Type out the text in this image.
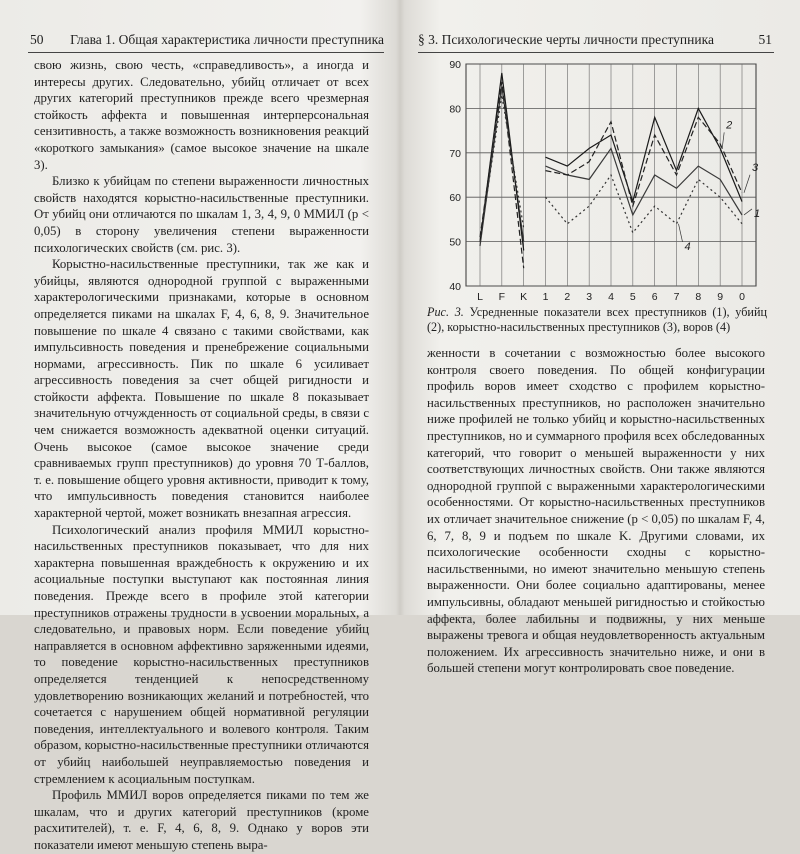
50 Глава 1. Общая характеристика личности преступника

свою жизнь, свою честь, «справедливость», а иногда и интересы других. Следовательно, убийц отличает от всех других категорий преступников прежде всего чрезмерная стойкость аффекта и повышенная интерперсональная сензитивность, а также возможность возникновения реакций «короткого замыкания» (самое высокое значение на шкале 3).

Близко к убийцам по степени выраженности личностных свойств находятся корыстно-насильственные преступники. От убийц они отличаются по шкалам 1, 3, 4, 9, 0 ММИЛ (p < 0,05) в сторону увеличения степени выраженности психологических свойств (см. рис. 3).

Корыстно-насильственные преступники, так же как и убийцы, являются однородной группой с выраженными характерологическими признаками, которые в основном определяется пиками на шкалах F, 4, 6, 8, 9. Значительное повышение по шкале 4 связано с такими свойствами, как импульсивность поведения и пренебрежение социальными нормами, агрессивность. Пик по шкале 6 усиливает агрессивность поведения за счет общей ригидности и стойкости аффекта. Повышение по шкале 8 показывает значительную отчужденность от социальной среды, в связи с чем снижается возможность адекватной оценки ситуаций. Очень высокое (самое высокое значение среди сравниваемых групп преступников) до уровня 70 Т-баллов, т. е. повышение общего уровня активности, приводит к тому, что импульсивность поведения становится наиболее характерной чертой, может возникать внезапная агрессия.

Психологический анализ профиля ММИЛ корыстно-насильственных преступников показывает, что для них характерна повышенная враждебность к окружению и их асоциальные поступки выступают как постоянная линия поведения. Прежде всего в профиле этой категории преступников отражены трудности в усвоении моральных, а следовательно, и правовых норм. Если поведение убийц направляется в основном аффективно заряженными идеями, то поведение корыстно-насильственных преступников определяется тенденцией к непосредственному удовлетворению возникающих желаний и потребностей, что сочетается с нарушением общей нормативной регуляции поведения, интеллектуального и волевого контроля. Таким образом, корыстно-насильственные преступники отличаются от убийц наибольшей неуправляемостью поведения и стремлением к асоциальным поступкам.

Профиль ММИЛ воров определяется пиками по тем же шкалам, что и других категорий преступников (кроме расхитителей), т. е. F, 4, 6, 8, 9. Однако у воров эти показатели имеют меньшую степень выра-

§ 3. Психологические черты личности преступника	51
40
50
60
70
80
90
L F K 1 2 3 4 5 6 7 8 9 0
1
2
3
4
Рис. 3. Усредненные показатели всех преступников (1), убийц (2), корыстно-насильственных преступников (3), воров (4)

женности в сочетании с возможностью более высокого контроля своего поведения. По общей конфигурации профиль воров имеет сходство с профилем корыстно-насильственных преступников, но расположен значительно ниже профилей не только убийц и корыстно-насильственных преступников, но и суммарного профиля всех обследованных категорий, что говорит о меньшей выраженности у них соответствующих личностных свойств. Они также являются однородной группой с выраженными характерологическими особенностями. От корыстно-насильственных преступников их отличает значительное снижение (p < 0,05) по шкалам F, 4, 6, 7, 8, 9 и подъем по шкале K. Другими словами, их психологические особенности сходны с корыстно-насильственными, но имеют значительно меньшую степень выраженности. Они более социально адаптированы, менее импульсивны, обладают меньшей ригидностью и стойкостью аффекта, более лабильны и подвижны, у них меньше выражены тревога и общая неудовлетворенность актуальным положением. Их агрессивность значительно ниже, и они в большей степени могут контролировать свое поведение.
